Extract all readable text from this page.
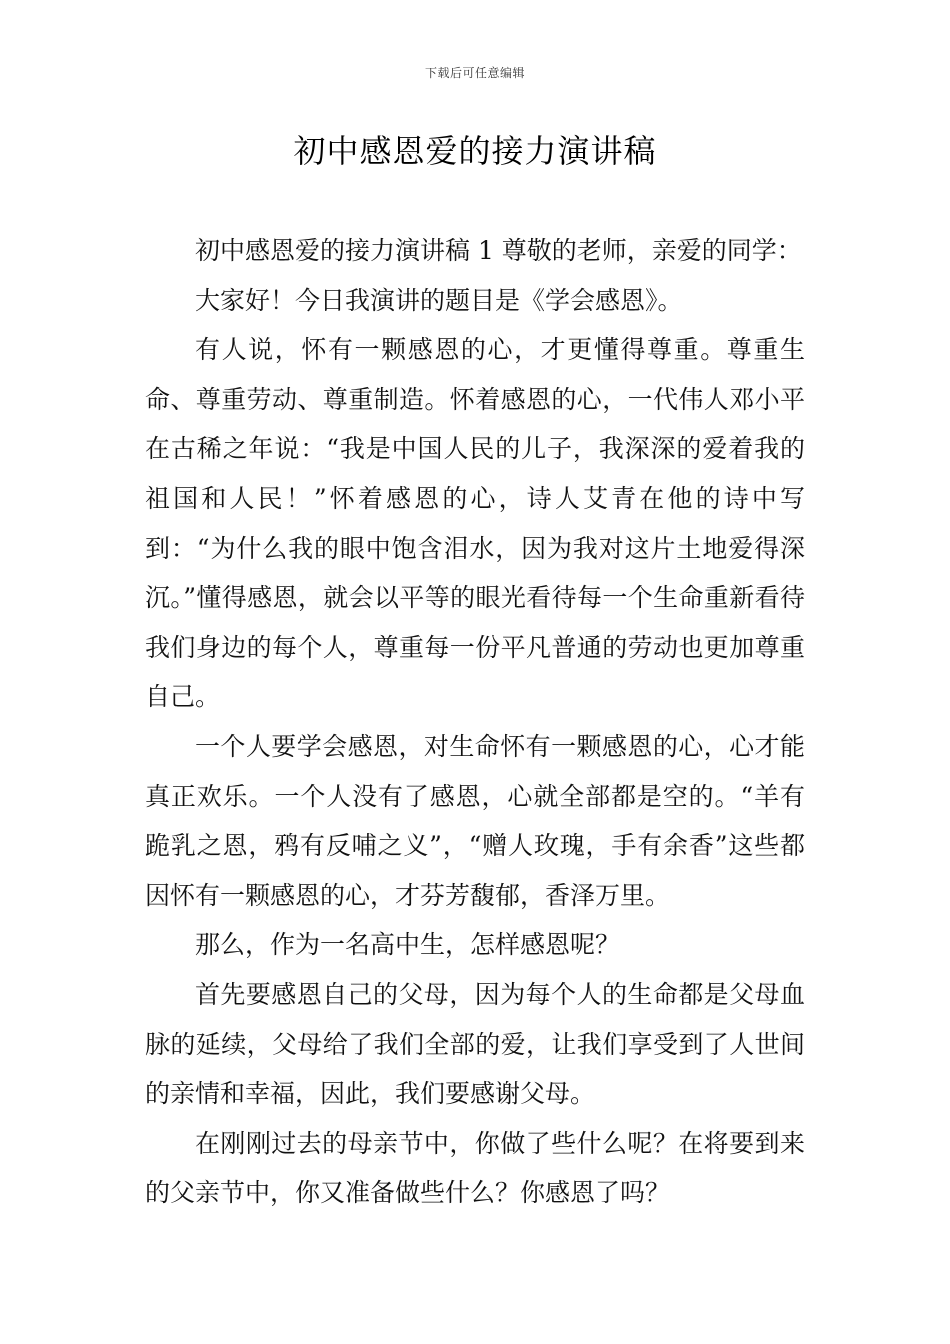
下载后可任意编辑
初中感恩爱的接力演讲稿

初中感恩爱的接力演讲稿 1 尊敬的老师，亲爱的同学：

大家好！今日我演讲的题目是《学会感恩》。

有人说，怀有一颗感恩的心，才更懂得尊重。尊重生命、尊重劳动、尊重制造。怀着感恩的心，一代伟人邓小平在古稀之年说：“我是中国人民的儿子，我深深的爱着我的祖国和人民！”怀着感恩的心，诗人艾青在他的诗中写到：“为什么我的眼中饱含泪水，因为我对这片土地爱得深沉。”懂得感恩，就会以平等的眼光看待每一个生命重新看待我们身边的每个人，尊重每一份平凡普通的劳动也更加尊重自己。

一个人要学会感恩，对生命怀有一颗感恩的心，心才能真正欢乐。一个人没有了感恩，心就全部都是空的。“羊有跪乳之恩，鸦有反哺之义”，“赠人玫瑰，手有余香”这些都因怀有一颗感恩的心，才芬芳馥郁，香泽万里。

那么，作为一名高中生，怎样感恩呢？

首先要感恩自己的父母，因为每个人的生命都是父母血脉的延续，父母给了我们全部的爱，让我们享受到了人世间的亲情和幸福，因此，我们要感谢父母。

在刚刚过去的母亲节中，你做了些什么呢？在将要到来的父亲节中，你又准备做些什么？你感恩了吗？
